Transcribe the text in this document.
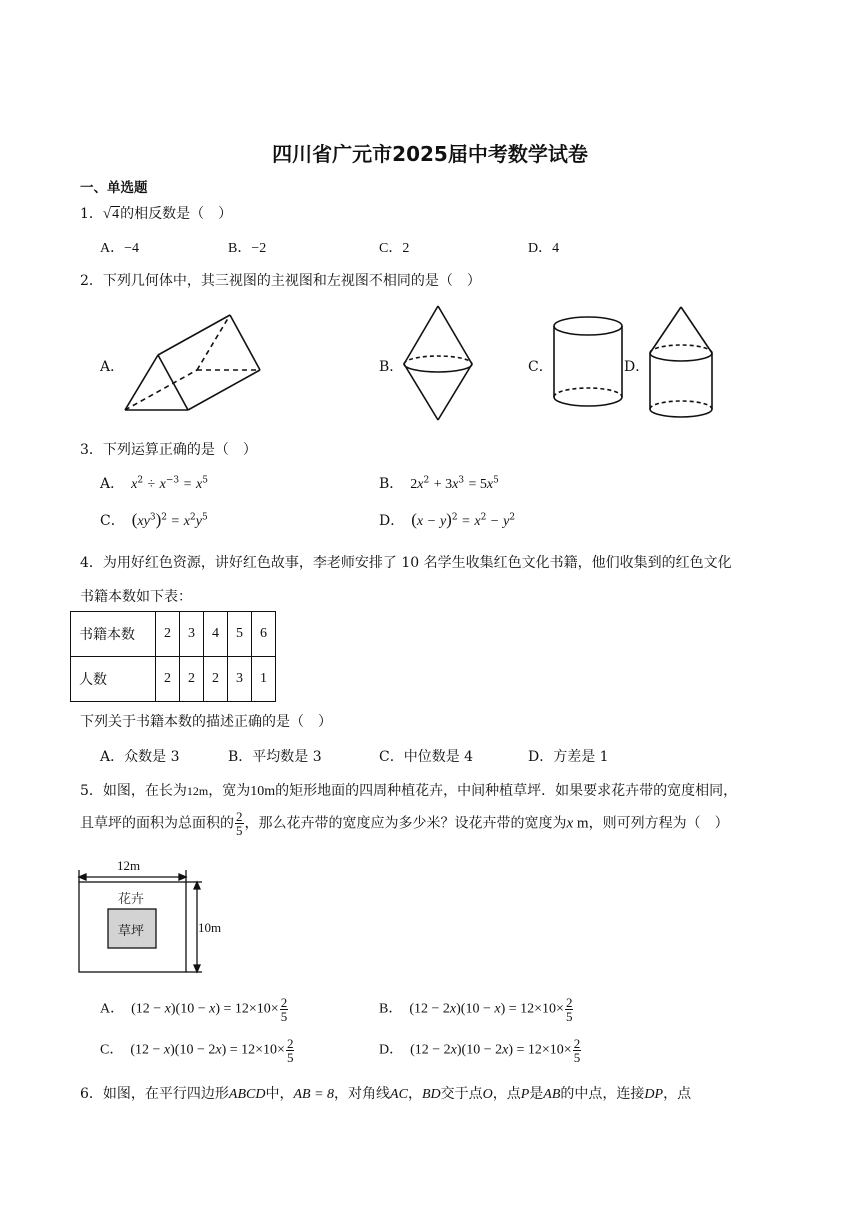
四川省广元市2025届中考数学试卷
一、单选题
1．√4的相反数是（　）
A．−4	B．−2	C．2	D．4
2．下列几何体中，其三视图的主视图和左视图不相同的是（　）
A．	B．	C．	D．
3．下列运算正确的是（　）
A．　$x^2 \div x^{-3} = x^5$	B．　$2x^2 + 3x^3 = 5x^5$
C．　$(xy^3)^2 = x^2y^5$	D．　$(x - y)^2 = x^2 - y^2$
4．为用好红色资源，讲好红色故事，李老师安排了 10 名学生收集红色文化书籍，他们收集到的红色文化
书籍本数如下表：
书籍本数	2	3	4	5	6
人数	2	2	2	3	1
下列关于书籍本数的描述正确的是（　）
A．众数是 3	B．平均数是 3	C．中位数是 4	D．方差是 1
5．如图，在长为12m，宽为10m的矩形地面的四周种植花卉，中间种植草坪．如果要求花卉带的宽度相同，
且草坪的面积为总面积的 $\frac{2}{5}$ ，那么花卉带的宽度应为多少米？设花卉带的宽度为x m，则可列方程为（　）
12m
10m
花卉
草坪
A．　$(12 - x)(10 - x) = 12\times 10\times \frac{2}{5}$	B．　$(12 - 2x)(10 - x) = 12\times 10\times \frac{2}{5}$
C．　$(12 - x)(10 - 2x) = 12\times 10\times \frac{2}{5}$	D．　$(12 - 2x)(10 - 2x) = 12\times 10\times \frac{2}{5}$
6．如图，在平行四边形ABCD中，AB = 8，对角线AC，BD交于点O，点P是AB的中点，连接DP，点
